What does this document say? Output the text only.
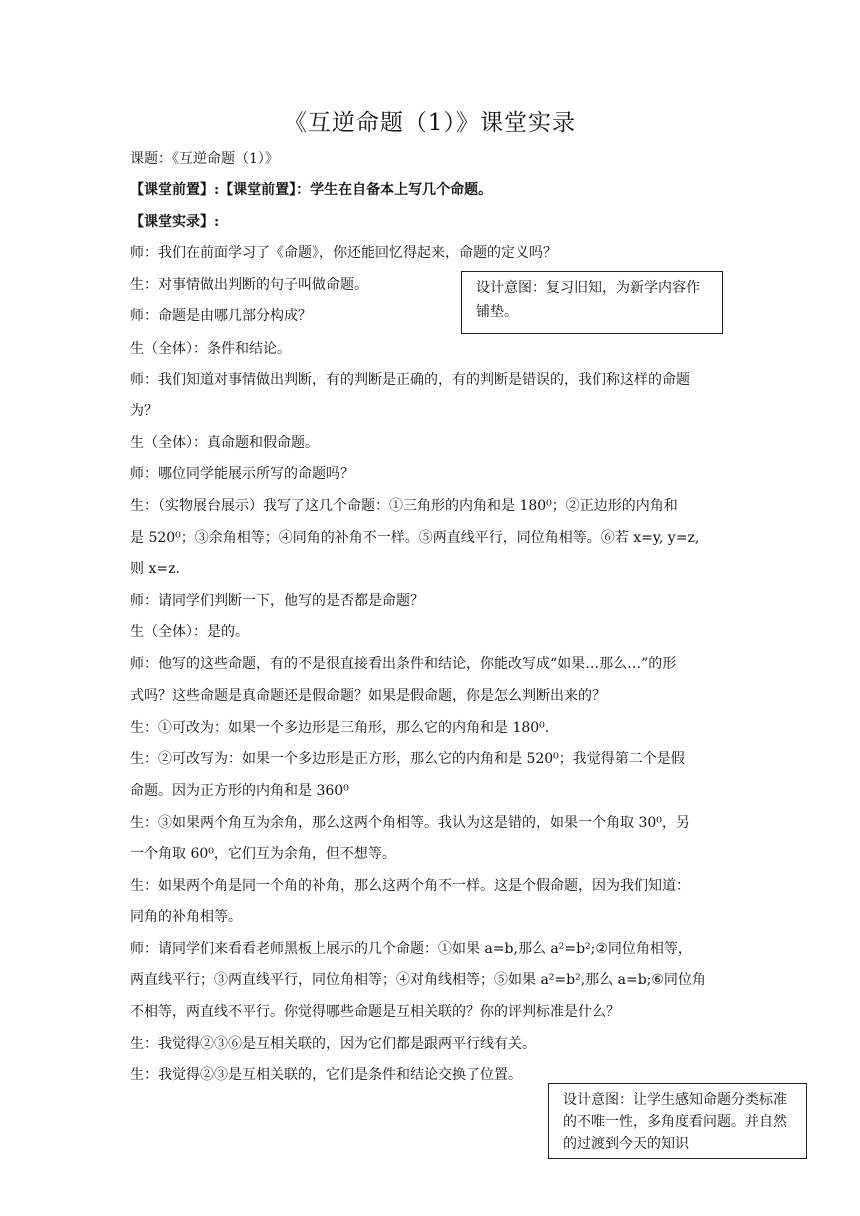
《互逆命题（1）》课堂实录
课题：《互逆命题（1）》
【课堂前置】:【课堂前置】：学生在自备本上写几个命题。
【课堂实录】:
师：我们在前面学习了《命题》，你还能回忆得起来，命题的定义吗？
生：对事情做出判断的句子叫做命题。
师：命题是由哪几部分构成？
生（全体）：条件和结论。
师：我们知道对事情做出判断，有的判断是正确的，有的判断是错误的，我们称这样的命题
为？
生（全体）：真命题和假命题。
师：哪位同学能展示所写的命题吗？
生：（实物展台展示）我写了这几个命题：①三角形的内角和是 180⁰；②正边形的内角和
是 520⁰；③余角相等；④同角的补角不一样。⑤两直线平行，同位角相等。⑥若 x=y, y=z,
则 x=z.
师：请同学们判断一下，他写的是否都是命题？
生（全体）：是的。
师：他写的这些命题，有的不是很直接看出条件和结论，你能改写成“如果…那么…”的形
式吗？这些命题是真命题还是假命题？如果是假命题，你是怎么判断出来的？
生：①可改为：如果一个多边形是三角形，那么它的内角和是 180⁰.
生：②可改写为：如果一个多边形是正方形，那么它的内角和是 520⁰；我觉得第二个是假
命题。因为正方形的内角和是 360⁰
生：③如果两个角互为余角，那么这两个角相等。我认为这是错的，如果一个角取 30⁰，另
一个角取 60⁰，它们互为余角，但不想等。
生：如果两个角是同一个角的补角，那么这两个角不一样。这是个假命题，因为我们知道：
同角的补角相等。
师：请同学们来看看老师黑板上展示的几个命题：①如果 a=b,那么 a²=b²;②同位角相等，
两直线平行；③两直线平行，同位角相等；④对角线相等；⑤如果 a²=b²,那么 a=b;⑥同位角
不相等，两直线不平行。你觉得哪些命题是互相关联的？你的评判标准是什么？
生：我觉得②③⑥是互相关联的，因为它们都是跟两平行线有关。
生：我觉得②③是互相关联的，它们是条件和结论交换了位置。
设计意图：复习旧知，为新学内容作
铺垫。
设计意图：让学生感知命题分类标准
的不唯一性，多角度看问题。并自然
的过渡到今天的知识
